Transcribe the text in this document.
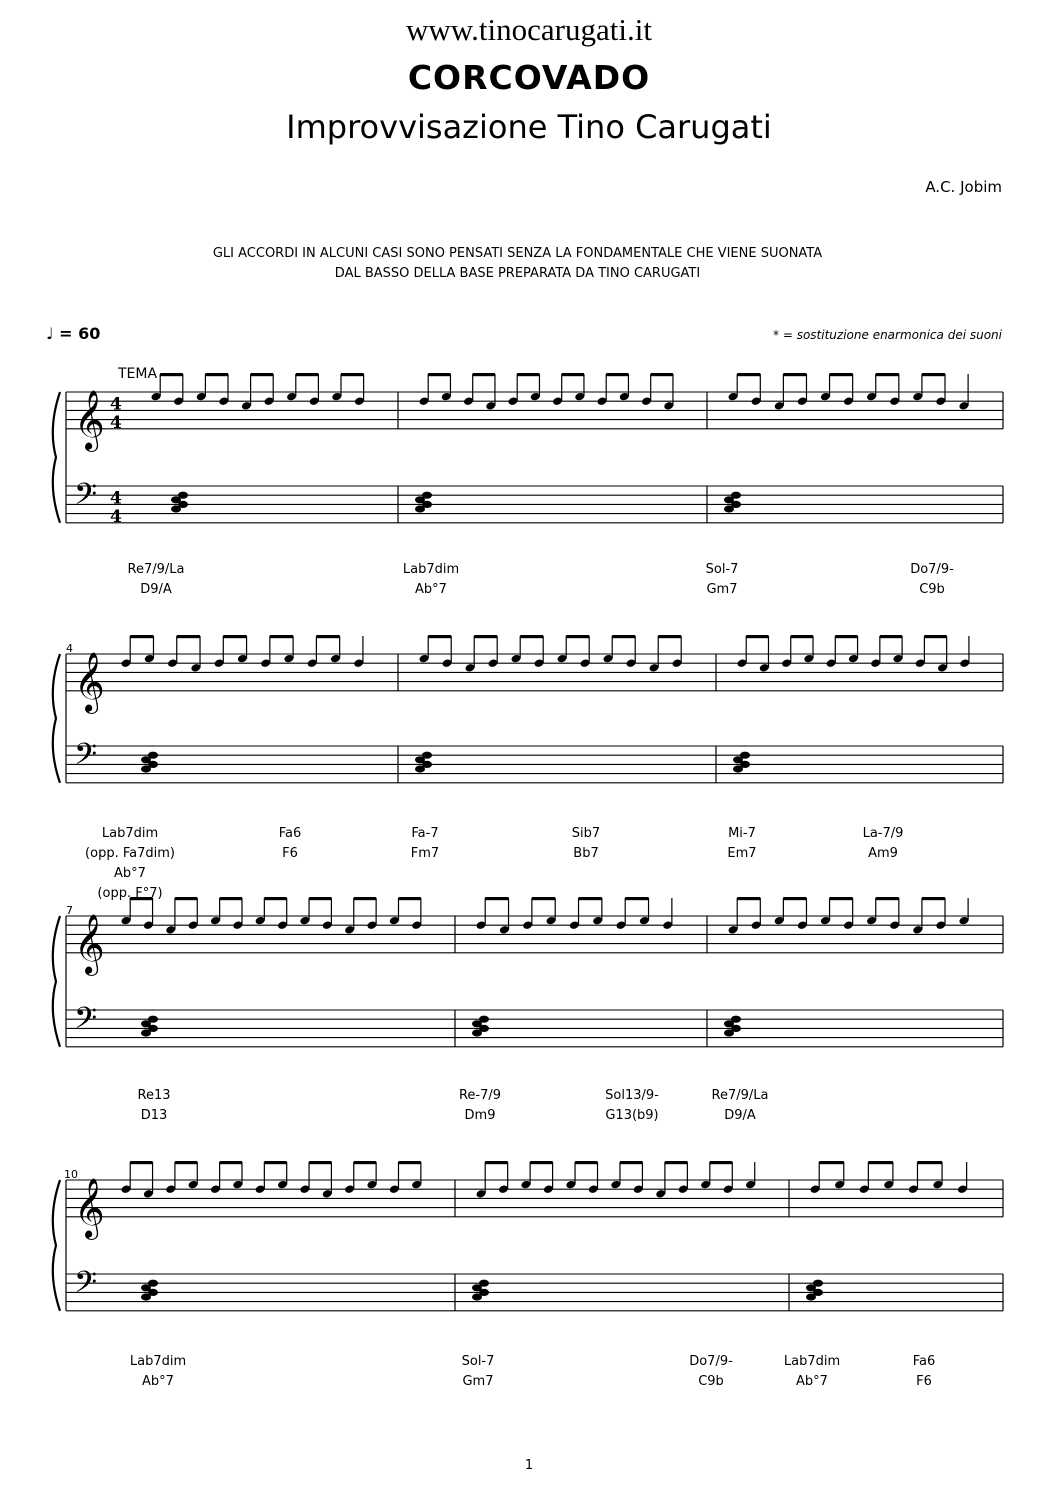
www.tinocarugati.it
CORCOVADO
Improvvisazione Tino Carugati
A.C. Jobim
GLI ACCORDI IN ALCUNI CASI SONO PENSATI SENZA LA FONDAMENTALE CHE VIENE SUONATA
DAL BASSO DELLA BASE PREPARATA DA TINO CARUGATI
♩ = 60	* = sostituzione enarmonica dei suoni
TEMA
𝄞
𝄢
4
4
4
4
𝄞
𝄢
𝄞
𝄢
𝄞
𝄢
4
7
10
Re7/9/La
D9/A
Lab7dim
Ab°7
Sol-7
Gm7
Do7/9-
C9b
Lab7dim
(opp. Fa7dim)
Ab°7
(opp. F°7)
Fa6
F6
Fa-7
Fm7
Sib7
Bb7
Mi-7
Em7
La-7/9
Am9
Re13
D13
Re-7/9
Dm9
Sol13/9-
G13(b9)
Re7/9/La
D9/A
Lab7dim
Ab°7
Sol-7
Gm7
Do7/9-
C9b
Lab7dim
Ab°7
Fa6
F6
1
